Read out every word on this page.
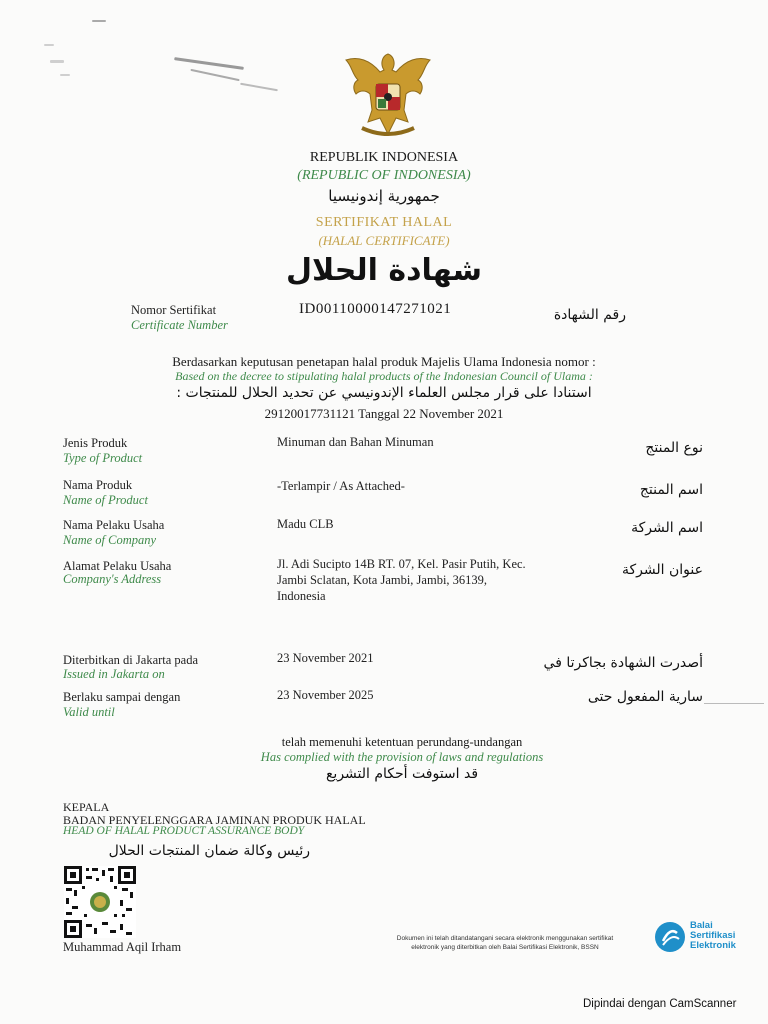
REPUBLIK INDONESIA
(REPUBLIC OF INDONESIA)
جمهورية إندونيسيا
SERTIFIKAT HALAL
(HALAL CERTIFICATE)
شهادة الحلال
Nomor Sertifikat
Certificate Number
ID00110000147271021	رقم الشهادة
Berdasarkan keputusan penetapan halal produk Majelis Ulama Indonesia nomor :
Based on the decree to stipulating halal products of the Indonesian Council of Ulama :
استنادا على قرار مجلس العلماء الإندونيسي عن تحديد الحلال للمنتجات :
29120017731121 Tanggal 22 November 2021
Jenis Produk
Type of Product
Minuman dan Bahan Minuman	نوع المنتج
Nama Produk
Name of Product
-Terlampir / As Attached-	اسم المنتج
Nama Pelaku Usaha
Name of Company
Madu CLB	اسم الشركة
Alamat Pelaku Usaha
Company's Address
Jl. Adi Sucipto 14B RT. 07, Kel. Pasir Putih, Kec.
Jambi Sclatan, Kota Jambi, Jambi, 36139,
Indonesia
عنوان الشركة
Diterbitkan di Jakarta pada
Issued in Jakarta on
23 November 2021	أصدرت الشهادة بجاكرتا في
Berlaku sampai dengan
Valid until
23 November 2025	سارية المفعول حتى
telah memenuhi ketentuan perundang-undangan
Has complied with the provision of laws and regulations
قد استوفت أحكام التشريع
KEPALA
BADAN PENYELENGGARA JAMINAN PRODUK HALAL
HEAD OF HALAL PRODUCT ASSURANCE BODY
رئيس وكالة ضمان المنتجات الحلال
Muhammad Aqil Irham
Dokumen ini telah ditandatangani secara elektronik menggunakan sertifikat
elektronik yang diterbitkan oleh Balai Sertifikasi Elektronik, BSSN
Balai
Sertifikasi
Elektronik
Dipindai dengan CamScanner
